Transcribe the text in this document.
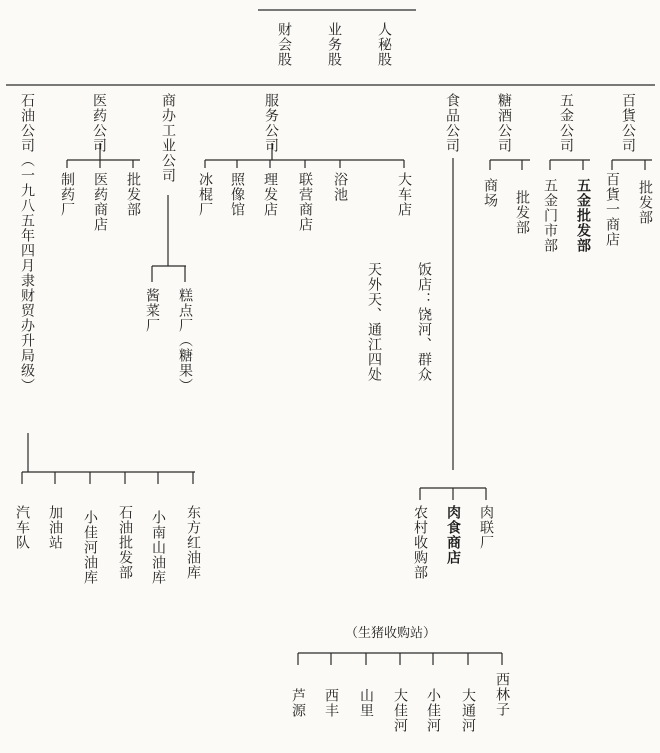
财会股 业务股 人秘股
石油公司（一九八五年四月隶财贸办升局级）	医药公司	商办工业公司	服务公司	食品公司	糖酒公司	五金公司	百貨公司
制药厂 医药商店 批发部
酱菜厂 糕点厂（糖果）
冰棍厂 照像馆 理发店 联营商店 浴池	大车店
饭店：饶河、群众
天外天、通江四处
农村收购部 肉食商店 肉联厂
（生猪收购站）
芦源 西丰 山里 大佳河 小佳河 大通河 西林子
商场 批发部 五金门市部 五金批发部 百貨一商店 批发部
汽车队 加油站 小佳河油库 石油批发部 小南山油库 东方红油库
